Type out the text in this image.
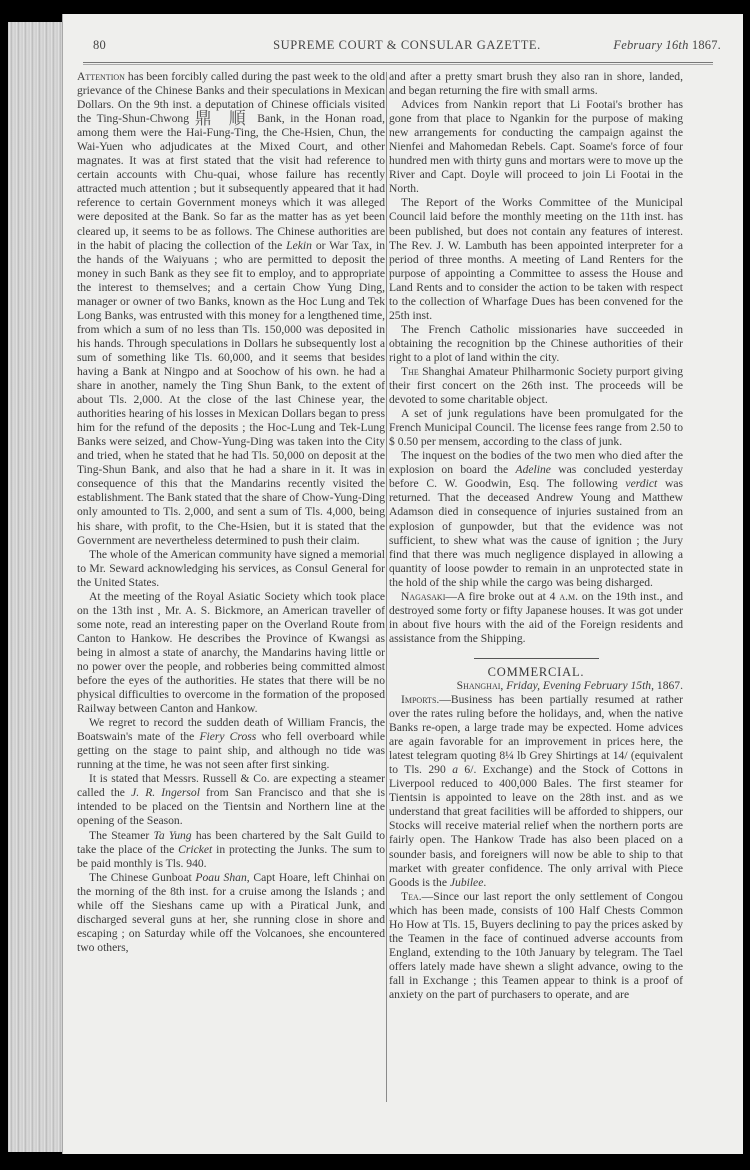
80	SUPREME COURT & CONSULAR GAZETTE.	February 16th 1867.

Attention has been forcibly called during the past week to the old grievance of the Chinese Banks and their speculations in Mexican Dollars. On the 9th inst. a deputation of Chinese officials visited the Ting-Shun-Chwong 鼎 順 Bank, in the Honan road, among them were the Hai-Fung-Ting, the Che-Hsien, Chun, the Wai-Yuen who adjudicates at the Mixed Court, and other magnates. It was at first stated that the visit had reference to certain accounts with Chu-quai, whose failure has recently attracted much attention ; but it subsequently appeared that it had reference to certain Government moneys which it was alleged were deposited at the Bank. So far as the matter has as yet been cleared up, it seems to be as follows. The Chinese authorities are in the habit of placing the collection of the Lekin or War Tax, in the hands of the Waiyuans ; who are permitted to deposit the money in such Bank as they see fit to employ, and to appropriate the interest to themselves; and a certain Chow Yung Ding, manager or owner of two Banks, known as the Hoc Lung and Tek Long Banks, was entrusted with this money for a lengthened time, from which a sum of no less than Tls. 150,000 was deposited in his hands. Through speculations in Dollars he subsequently lost a sum of something like Tls. 60,000, and it seems that besides having a Bank at Ningpo and at Soochow of his own. he had a share in another, namely the Ting Shun Bank, to the extent of about Tls. 2,000. At the close of the last Chinese year, the authorities hearing of his losses in Mexican Dollars began to press him for the refund of the deposits ; the Hoc-Lung and Tek-Lung Banks were seized, and Chow-Yung-Ding was taken into the City and tried, when he stated that he had Tls. 50,000 on deposit at the Ting-Shun Bank, and also that he had a share in it. It was in consequence of this that the Mandarins recently visited the establishment. The Bank stated that the share of Chow-Yung-Ding only amounted to Tls. 2,000, and sent a sum of Tls. 4,000, being his share, with profit, to the Che-Hsien, but it is stated that the Government are nevertheless determined to push their claim.

The whole of the American community have signed a memorial to Mr. Seward acknowledging his services, as Consul General for the United States.

At the meeting of the Royal Asiatic Society which took place on the 13th inst , Mr. A. S. Bickmore, an American traveller of some note, read an interesting paper on the Overland Route from Canton to Hankow. He describes the Province of Kwangsi as being in almost a state of anarchy, the Mandarins having little or no power over the people, and robberies being committed almost before the eyes of the authorities. He states that there will be no physical difficulties to overcome in the formation of the proposed Railway between Canton and Hankow.

We regret to record the sudden death of William Francis, the Boatswain's mate of the Fiery Cross who fell overboard while getting on the stage to paint ship, and although no tide was running at the time, he was not seen after first sinking.

It is stated that Messrs. Russell & Co. are expecting a steamer called the J. R. Ingersol from San Francisco and that she is intended to be placed on the Tientsin and Northern line at the opening of the Season.

The Steamer Ta Yung has been chartered by the Salt Guild to take the place of the Cricket in protecting the Junks. The sum to be paid monthly is Tls. 940.

The Chinese Gunboat Poau Shan, Capt Hoare, left Chinhai on the morning of the 8th inst. for a cruise among the Islands ; and while off the Sieshans came up with a Piratical Junk, and discharged several guns at her, she running close in shore and escaping ; on Saturday while off the Volcanoes, she encountered two others,

and after a pretty smart brush they also ran in shore, landed, and began returning the fire with small arms.

Advices from Nankin report that Li Footai's brother has gone from that place to Ngankin for the purpose of making new arrangements for conducting the campaign against the Nienfei and Mahomedan Rebels. Capt. Soame's force of four hundred men with thirty guns and mortars were to move up the River and Capt. Doyle will proceed to join Li Footai in the North.

The Report of the Works Committee of the Municipal Council laid before the monthly meeting on the 11th inst. has been published, but does not contain any features of interest. The Rev. J. W. Lambuth has been appointed interpreter for a period of three months. A meeting of Land Renters for the purpose of appointing a Committee to assess the House and Land Rents and to consider the action to be taken with respect to the collection of Wharfage Dues has been convened for the 25th inst.

The French Catholic missionaries have succeeded in obtaining the recognition bp the Chinese authorities of their right to a plot of land within the city.

The Shanghai Amateur Philharmonic Society purport giving their first concert on the 26th inst. The proceeds will be devoted to some charitable object.

A set of junk regulations have been promulgated for the French Municipal Council. The license fees range from 2.50 to $ 0.50 per mensem, according to the class of junk.

The inquest on the bodies of the two men who died after the explosion on board the Adeline was concluded yesterday before C. W. Goodwin, Esq. The following verdict was returned. That the deceased Andrew Young and Matthew Adamson died in consequence of injuries sustained from an explosion of gunpowder, but that the evidence was not sufficient, to shew what was the cause of ignition ; the Jury find that there was much negligence displayed in allowing a quantity of loose powder to remain in an unprotected state in the hold of the ship while the cargo was being disharged.

Nagasaki—A fire broke out at 4 a.m. on the 19th inst., and destroyed some forty or fifty Japanese houses. It was got under in about five hours with the aid of the Foreign residents and assistance from the Shipping.

COMMERCIAL.

Shanghai, Friday, Evening February 15th, 1867.

Imports.—Business has been partially resumed at rather over the rates ruling before the holidays, and, when the native Banks re-open, a large trade may be expected. Home advices are again favorable for an improvement in prices here, the latest telegram quoting 8¼ lb Grey Shirtings at 14/ (equivalent to Tls. 290 a 6/. Exchange) and the Stock of Cottons in Liverpool reduced to 400,000 Bales. The first steamer for Tientsin is appointed to leave on the 28th inst. and as we understand that great facilities will be afforded to shippers, our Stocks will receive material relief when the northern ports are fairly open. The Hankow Trade has also been placed on a sounder basis, and foreigners will now be able to ship to that market with greater confidence. The only arrival with Piece Goods is the Jubilee.

Tea.—Since our last report the only settlement of Congou which has been made, consists of 100 Half Chests Common Ho How at Tls. 15, Buyers declining to pay the prices asked by the Teamen in the face of continued adverse accounts from England, extending to the 10th January by telegram. The Tael offers lately made have shewn a slight advance, owing to the fall in Exchange ; this Teamen appear to think is a proof of anxiety on the part of purchasers to operate, and are
